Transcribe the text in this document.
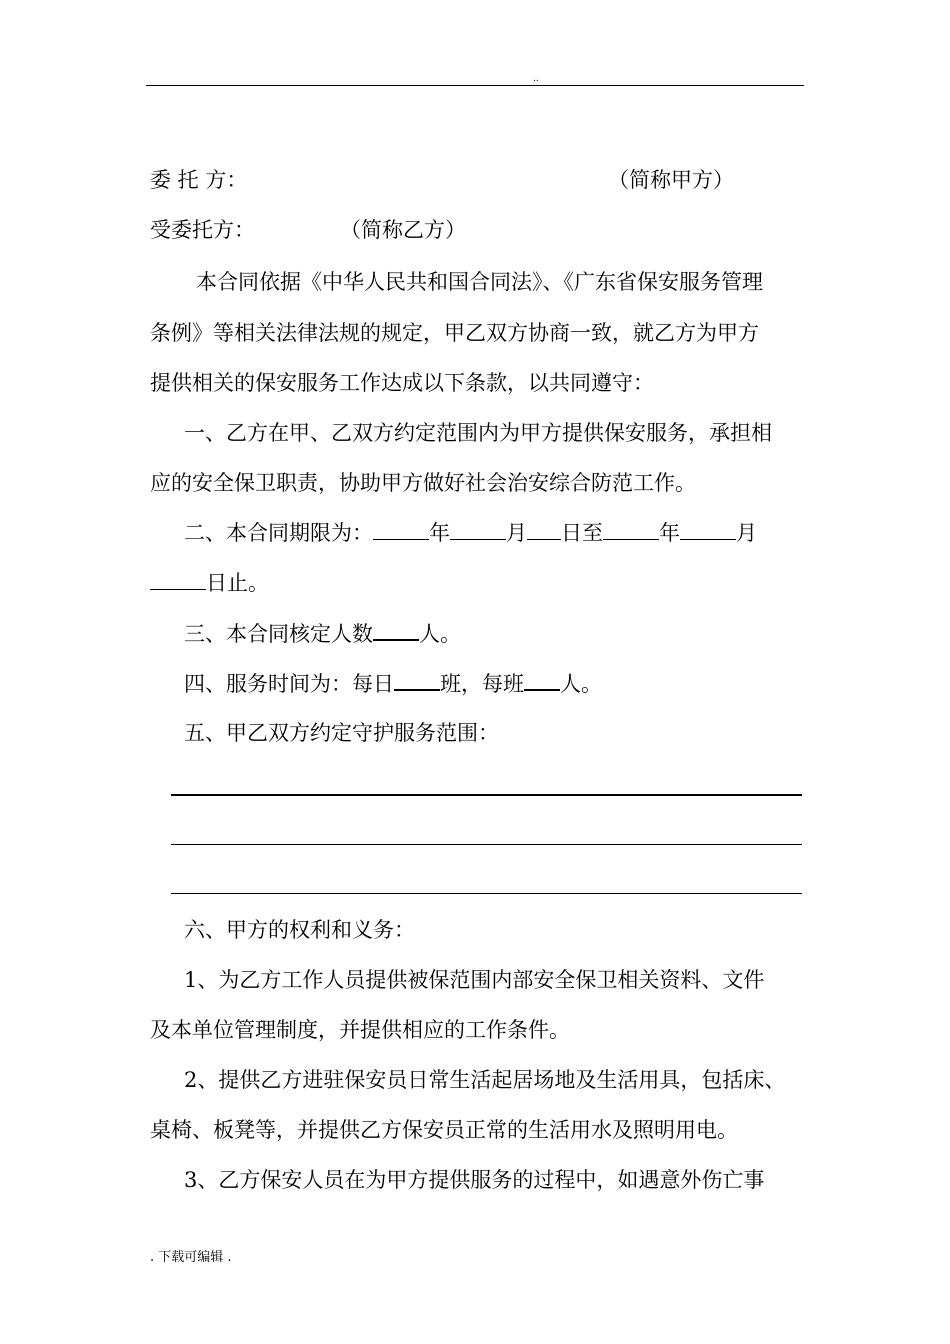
..
委 托 方：	（简称甲方）
受委托方：	（简称乙方）
本合同依据《中华人民共和国合同法》、《广东省保安服务管理
条例》等相关法律法规的规定，甲乙双方协商一致，就乙方为甲方
提供相关的保安服务工作达成以下条款，以共同遵守：
一、乙方在甲、乙双方约定范围内为甲方提供保安服务，承担相
应的安全保卫职责，协助甲方做好社会治安综合防范工作。
二、本合同期限为：	年	月 日至	年	月
日止。
三、本合同核定人数 人。
四、服务时间为：每日 班，每班 人。
五、甲乙双方约定守护服务范围：
六、甲方的权利和义务：
1、为乙方工作人员提供被保范围内部安全保卫相关资料、文件
及本单位管理制度，并提供相应的工作条件。
2、提供乙方进驻保安员日常生活起居场地及生活用具，包括床、
桌椅、板凳等，并提供乙方保安员正常的生活用水及照明用电。
3、乙方保安人员在为甲方提供服务的过程中，如遇意外伤亡事
. 下载可编辑 .
